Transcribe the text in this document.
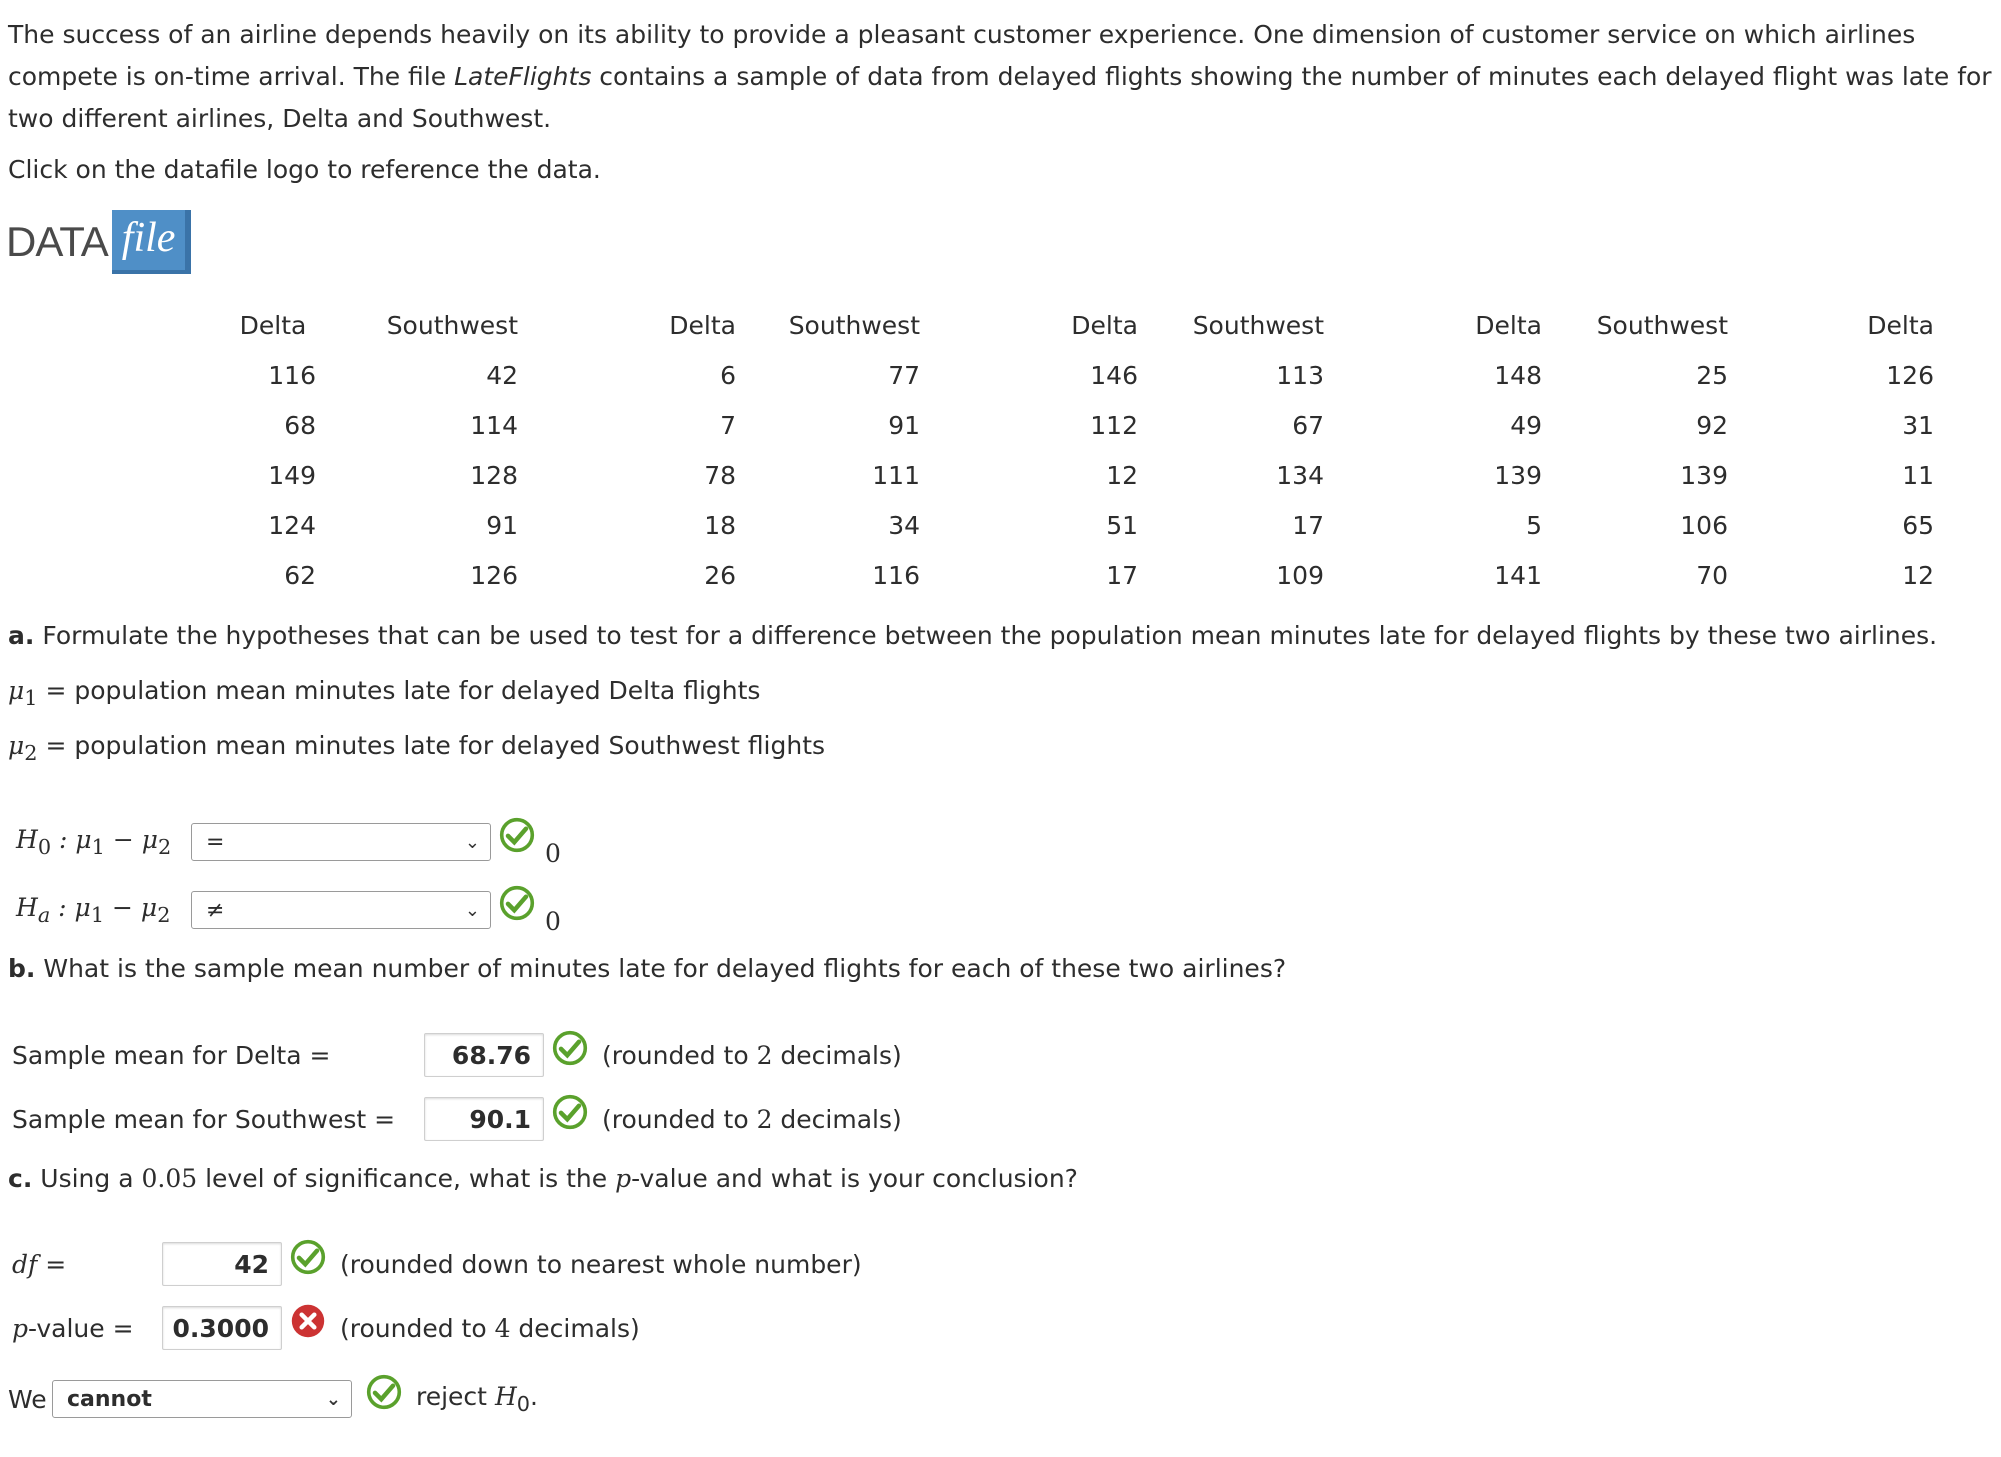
The success of an airline depends heavily on its ability to provide a pleasant customer experience. One dimension of customer service on which airlines compete is on-time arrival. The file LateFlights contains a sample of data from delayed flights showing the number of minutes each delayed flight was late for two different airlines, Delta and Southwest.
Click on the datafile logo to reference the data.
DATA file
Delta	Southwest	Delta	Southwest	Delta	Southwest	Delta	Southwest	Delta
116	42	6	77	146	113	148	25	126
68	114	7	91	112	67	49	92	31
149	128	78	111	12	134	139	139	11
124	91	18	34	51	17	5	106	65
62	126	26	116	17	109	141	70	12
a. Formulate the hypotheses that can be used to test for a difference between the population mean minutes late for delayed flights by these two airlines.
$\mu_1$ = population mean minutes late for delayed Delta flights
$\mu_2$ = population mean minutes late for delayed Southwest flights
$H_0$ : $\mu_1 - \mu_2$	=	⌄	0
$H_a$ : $\mu_1 - \mu_2$	≠	⌄	0
b. What is the sample mean number of minutes late for delayed flights for each of these two airlines?
Sample mean for Delta =	68.76	(rounded to 2 decimals)
Sample mean for Southwest =	90.1	(rounded to 2 decimals)
c. Using a 0.05 level of significance, what is the p-value and what is your conclusion?
df =	42	(rounded down to nearest whole number)
p-value =	0.3000	(rounded to 4 decimals)
We cannot	⌄	reject $H_0$.
